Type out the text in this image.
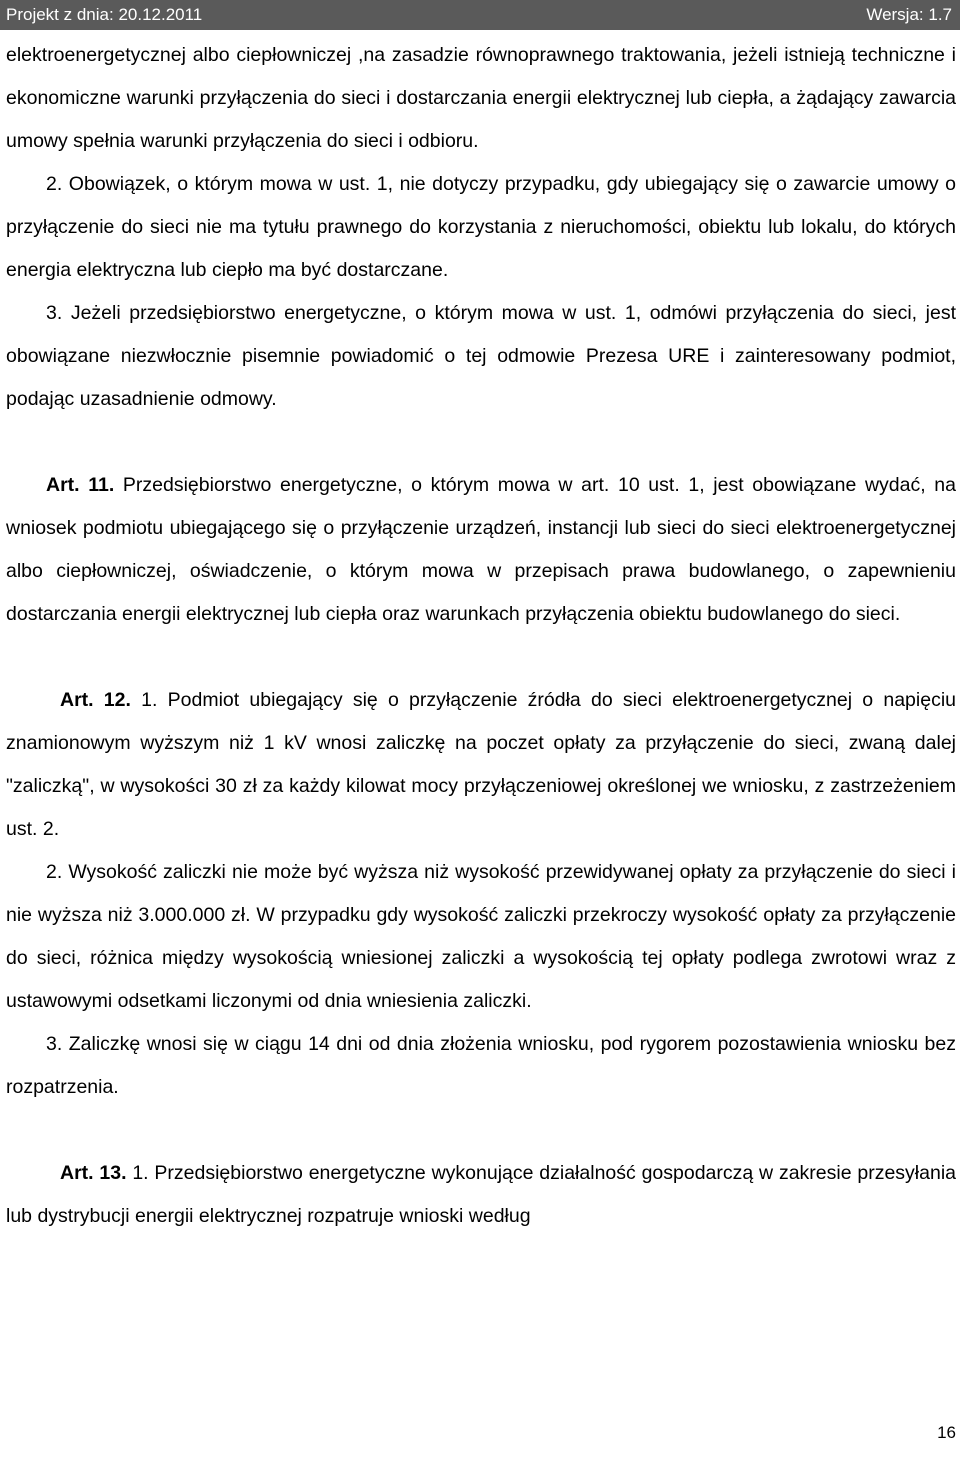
Projekt z dnia: 20.12.2011	Wersja: 1.7

elektroenergetycznej albo ciepłowniczej ,na zasadzie równoprawnego traktowania, jeżeli istnieją techniczne i ekonomiczne warunki przyłączenia do sieci i dostarczania energii elektrycznej lub ciepła, a żądający zawarcia umowy spełnia warunki przyłączenia do sieci i odbioru.

2. Obowiązek, o którym mowa w ust. 1, nie dotyczy przypadku, gdy ubiegający się o zawarcie umowy o przyłączenie do sieci nie ma tytułu prawnego do korzystania z nieruchomości, obiektu lub lokalu, do których energia elektryczna lub ciepło ma być dostarczane.

3. Jeżeli przedsiębiorstwo energetyczne, o którym mowa w ust. 1, odmówi przyłączenia do sieci, jest obowiązane niezwłocznie pisemnie powiadomić o tej odmowie Prezesa URE i zainteresowany podmiot, podając uzasadnienie odmowy.

Art. 11. Przedsiębiorstwo energetyczne, o którym mowa w art. 10 ust. 1, jest obowiązane wydać, na wniosek podmiotu ubiegającego się o przyłączenie urządzeń, instancji lub sieci do sieci elektroenergetycznej albo ciepłowniczej, oświadczenie, o którym mowa w przepisach prawa budowlanego, o zapewnieniu dostarczania energii elektrycznej lub ciepła oraz warunkach przyłączenia obiektu budowlanego do sieci.

Art. 12. 1. Podmiot ubiegający się o przyłączenie źródła do sieci elektroenergetycznej o napięciu znamionowym wyższym niż 1 kV wnosi zaliczkę na poczet opłaty za przyłączenie do sieci, zwaną dalej "zaliczką", w wysokości 30 zł za każdy kilowat mocy przyłączeniowej określonej we wniosku, z zastrzeżeniem ust. 2.

2. Wysokość zaliczki nie może być wyższa niż wysokość przewidywanej opłaty za przyłączenie do sieci i nie wyższa niż 3.000.000 zł. W przypadku gdy wysokość zaliczki przekroczy wysokość opłaty za przyłączenie do sieci, różnica między wysokością wniesionej zaliczki a wysokością tej opłaty podlega zwrotowi wraz z ustawowymi odsetkami liczonymi od dnia wniesienia zaliczki.

3. Zaliczkę wnosi się w ciągu 14 dni od dnia złożenia wniosku, pod rygorem pozostawienia wniosku bez rozpatrzenia.

Art. 13. 1. Przedsiębiorstwo energetyczne wykonujące działalność gospodarczą w zakresie przesyłania lub dystrybucji energii elektrycznej rozpatruje wnioski według

16
